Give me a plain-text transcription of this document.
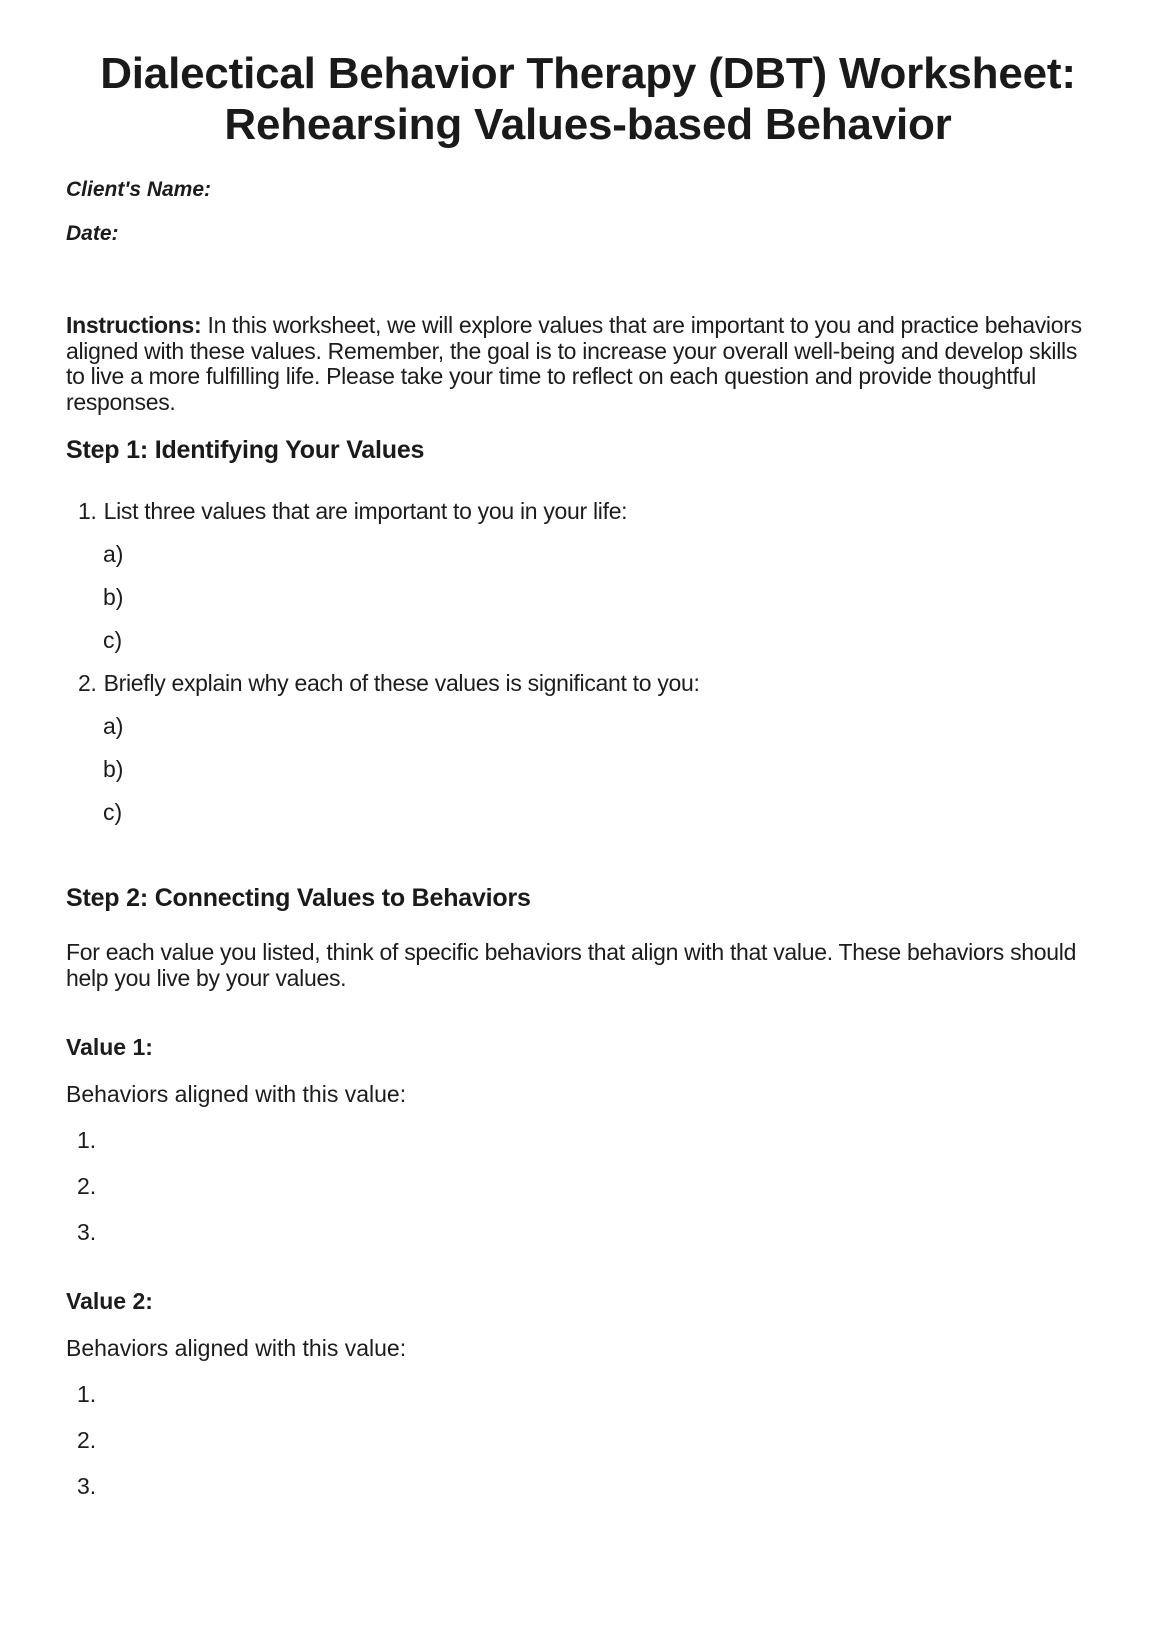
Dialectical Behavior Therapy (DBT) Worksheet:
Rehearsing Values-based Behavior

Client's Name:

Date:

Instructions: In this worksheet, we will explore values that are important to you and practice behaviors aligned with these values. Remember, the goal is to increase your overall well-being and develop skills to live a more fulfilling life. Please take your time to reflect on each question and provide thoughtful responses.

Step 1: Identifying Your Values
1. List three values that are important to you in your life:
a)
b)
c)
2. Briefly explain why each of these values is significant to you:
a)
b)
c)
Step 2: Connecting Values to Behaviors

For each value you listed, think of specific behaviors that align with that value. These behaviors should help you live by your values.

Value 1:
Behaviors aligned with this value:
1.
2.
3.
Value 2:
Behaviors aligned with this value:
1.
2.
3.
